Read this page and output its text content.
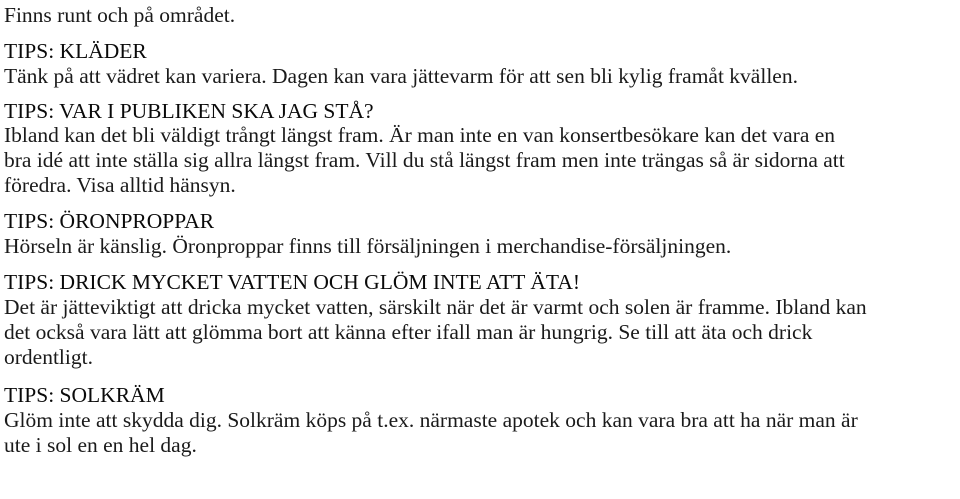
Finns runt och på området.
TIPS: KLÄDER
Tänk på att vädret kan variera. Dagen kan vara jättevarm för att sen bli kylig framåt kvällen.
TIPS: VAR I PUBLIKEN SKA JAG STÅ?
Ibland kan det bli väldigt trångt längst fram. Är man inte en van konsertbesökare kan det vara en
bra idé att inte ställa sig allra längst fram. Vill du stå längst fram men inte trängas så är sidorna att
föredra. Visa alltid hänsyn.
TIPS: ÖRONPROPPAR
Hörseln är känslig. Öronproppar finns till försäljningen i merchandise-försäljningen.
TIPS: DRICK MYCKET VATTEN OCH GLÖM INTE ATT ÄTA!
Det är jätteviktigt att dricka mycket vatten, särskilt när det är varmt och solen är framme. Ibland kan
det också vara lätt att glömma bort att känna efter ifall man är hungrig. Se till att äta och drick
ordentligt.
TIPS: SOLKRÄM
Glöm inte att skydda dig. Solkräm köps på t.ex. närmaste apotek och kan vara bra att ha när man är
ute i sol en en hel dag.
